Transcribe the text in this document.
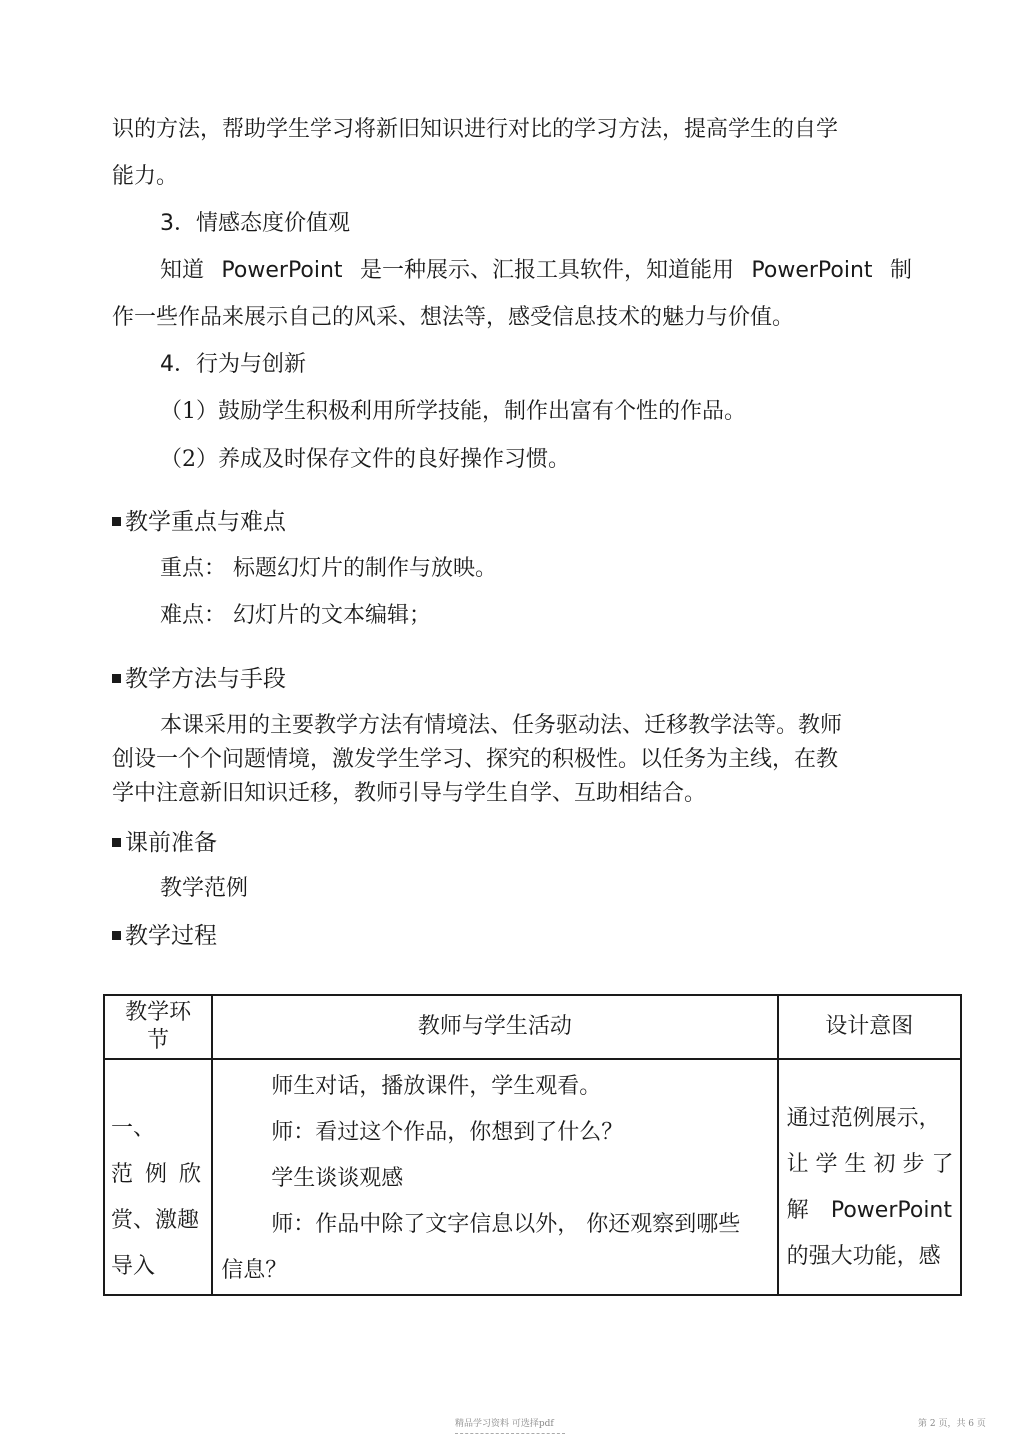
识的方法，帮助学生学习将新旧知识进行对比的学习方法，提高学生的自学
能力。
3．情感态度价值观
知道 PowerPoint 是一种展示、汇报工具软件，知道能用 PowerPoint 制
作一些作品来展示自己的风采、想法等，感受信息技术的魅力与价值。
4．行为与创新
（1）鼓励学生积极利用所学技能，制作出富有个性的作品。
（2）养成及时保存文件的良好操作习惯。
教学重点与难点
重点： 标题幻灯片的制作与放映。
难点： 幻灯片的文本编辑；
教学方法与手段
本课采用的主要教学方法有情境法、任务驱动法、迁移教学法等。教师
创设一个个问题情境，激发学生学习、探究的积极性。以任务为主线，在教
学中注意新旧知识迁移，教师引导与学生自学、互助相结合。
课前准备
教学范例
教学过程
教学环
节	教师与学生活动	设计意图

一、
范 例 欣
赏、激趣
导入	师生对话，播放课件，学生观看。
师：看过这个作品，你想到了什么？
学生谈谈观感
师：作品中除了文字信息以外， 你还观察到哪些
信息？	通过范例展示，
让 学 生 初 步 了
解 PowerPoint
的强大功能，感
精品学习资料 可选择pdf	第 2 页，共 6 页
